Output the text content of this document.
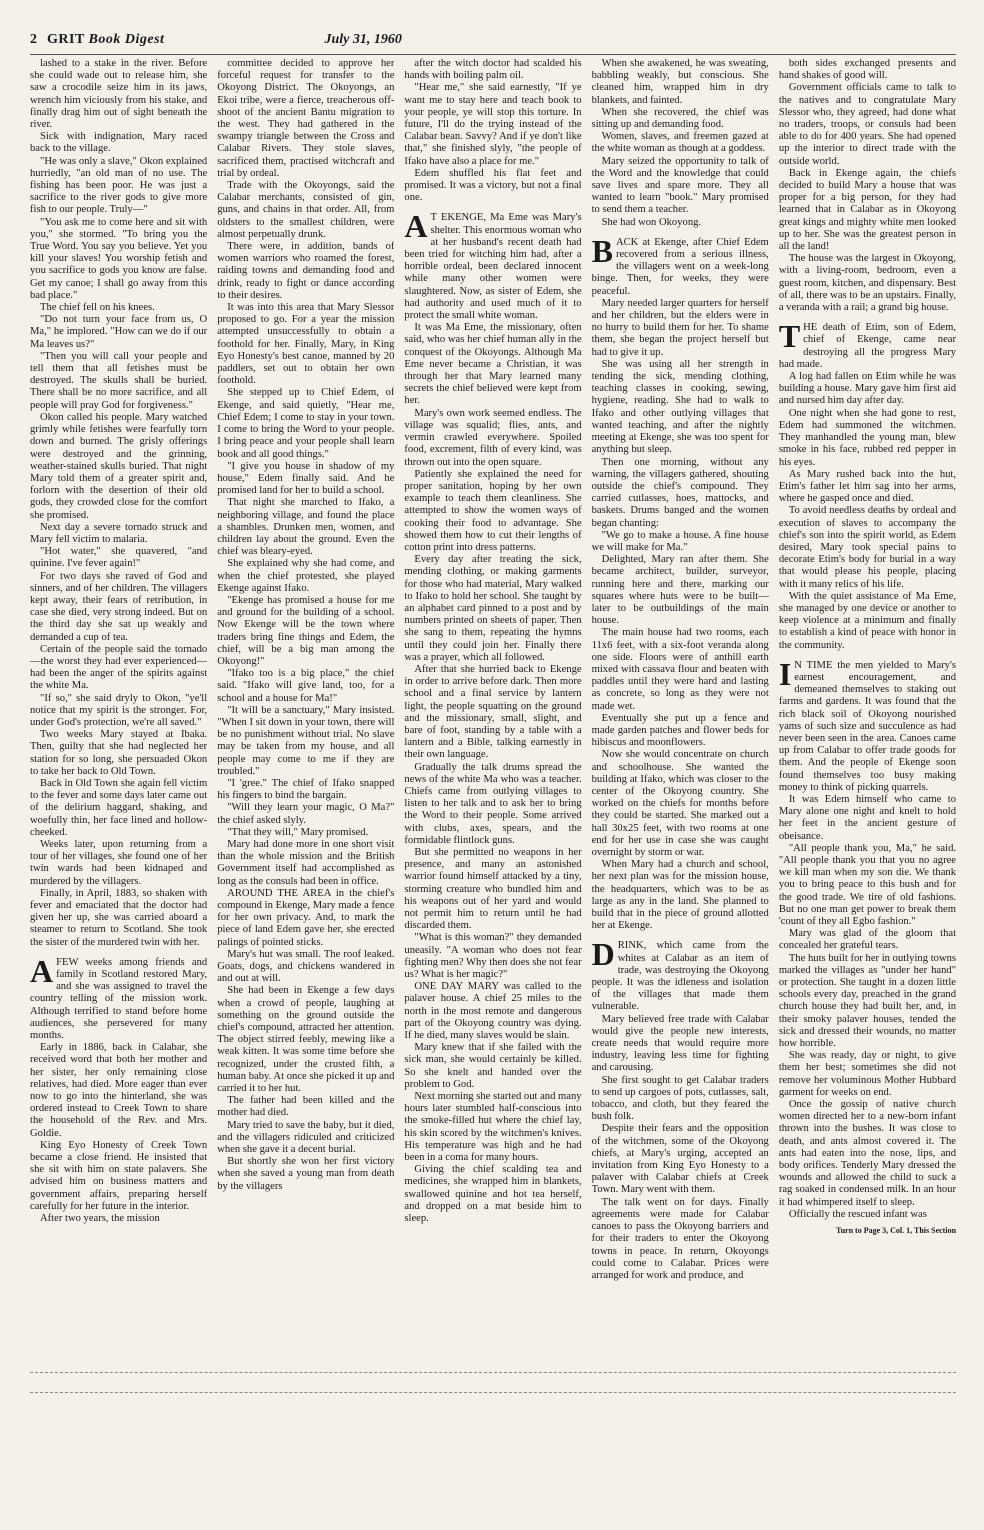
2 GRIT Book Digest	July 31, 1960

lashed to a stake in the river. Before she could wade out to release him, she saw a crocodile seize him in its jaws, wrench him viciously from his stake, and finally drag him out of sight beneath the river.

Sick with indignation, Mary raced back to the village.

"He was only a slave," Okon explained hurriedly, "an old man of no use. The fishing has been poor. He was just a sacrifice to the river gods to give more fish to our people. Truly—"

"You ask me to come here and sit with you," she stormed. "To bring you the True Word. You say you believe. Yet you kill your slaves! You worship fetish and you sacrifice to gods you know are false. Get my canoe; I shall go away from this bad place."

The chief fell on his knees.

"Do not turn your face from us, O Ma," he implored. "How can we do if our Ma leaves us?"

"Then you will call your people and tell them that all fetishes must be destroyed. The skulls shall be buried. There shall be no more sacrifice, and all people will pray God for forgiveness."

Okon called his people. Mary watched grimly while fetishes were fearfully torn down and burned. The grisly offerings were destroyed and the grinning, weather-stained skulls buried. That night Mary told them of a greater spirit and, forlorn with the desertion of their old gods, they crowded close for the comfort she promised.

Next day a severe tornado struck and Mary fell victim to malaria.

"Hot water," she quavered, "and quinine. I've fever again!"

For two days she raved of God and sinners, and of her children. The villagers kept away, their fears of retribution, in case she died, very strong indeed. But on the third day she sat up weakly and demanded a cup of tea.

Certain of the people said the tornado—the worst they had ever experienced—had been the anger of the spirits against the white Ma.

"If so," she said dryly to Okon, "ye'll notice that my spirit is the stronger. For, under God's protection, we're all saved."

Two weeks Mary stayed at Ibaka. Then, guilty that she had neglected her station for so long, she persuaded Okon to take her back to Old Town.

Back in Old Town she again fell victim to the fever and some days later came out of the delirium haggard, shaking, and woefully thin, her face lined and hollow-cheeked.

Weeks later, upon returning from a tour of her villages, she found one of her twin wards had been kidnaped and murdered by the villagers.

Finally, in April, 1883, so shaken with fever and emaciated that the doctor had given her up, she was carried aboard a steamer to return to Scotland. She took the sister of the murdered twin with her.

AFEW weeks among friends and family in Scotland restored Mary, and she was assigned to travel the country telling of the mission work. Although terrified to stand before home audiences, she persevered for many months.

Early in 1886, back in Calabar, she received word that both her mother and her sister, her only remaining close relatives, had died. More eager than ever now to go into the hinterland, she was ordered instead to Creek Town to share the household of the Rev. and Mrs. Goldie.

King Eyo Honesty of Creek Town became a close friend. He insisted that she sit with him on state palavers. She advised him on business matters and government affairs, preparing herself carefully for her future in the interior.

After two years, the mission

committee decided to approve her forceful request for transfer to the Okoyong District. The Okoyongs, an Ekoi tribe, were a fierce, treacherous off-shoot of the ancient Bantu migration to the west. They had gathered in the swampy triangle between the Cross and Calabar Rivers. They stole slaves, sacrificed them, practised witchcraft and trial by ordeal.

Trade with the Okoyongs, said the Calabar merchants, consisted of gin, guns, and chains in that order. All, from oldsters to the smallest children, were almost perpetually drunk.

There were, in addition, bands of women warriors who roamed the forest, raiding towns and demanding food and drink, ready to fight or dance according to their desires.

It was into this area that Mary Slessor proposed to go. For a year the mission attempted unsuccessfully to obtain a foothold for her. Finally, Mary, in King Eyo Honesty's best canoe, manned by 20 paddlers, set out to obtain her own foothold.

She stepped up to Chief Edem, of Ekenge, and said quietly, "Hear me, Chief Edem; I come to stay in your town. I come to bring the Word to your people. I bring peace and your people shall learn book and all good things."

"I give you house in shadow of my house," Edem finally said. And he promised land for her to build a school.

That night she marched to Ifako, a neighboring village, and found the place a shambles. Drunken men, women, and children lay about the ground. Even the chief was bleary-eyed.

She explained why she had come, and when the chief protested, she played Ekenge against Ifako.

"Ekenge has promised a house for me and ground for the building of a school. Now Ekenge will be the town where traders bring fine things and Edem, the chief, will be a big man among the Okoyong!"

"Ifako too is a big place," the chief said. "Ifako will give land, too, for a school and a house for Ma!"

"It will be a sanctuary," Mary insisted. "When I sit down in your town, there will be no punishment without trial. No slave may be taken from my house, and all people may come to me if they are troubled."

"I 'gree." The chief of Ifako snapped his fingers to bind the bargain.

"Will they learn your magic, O Ma?" the chief asked slyly.

"That they will," Mary promised.

Mary had done more in one short visit than the whole mission and the British Government itself had accomplished as long as the consuls had been in office.

AROUND THE AREA in the chief's compound in Ekenge, Mary made a fence for her own privacy. And, to mark the piece of land Edem gave her, she erected palings of pointed sticks.

Mary's hut was small. The roof leaked. Goats, dogs, and chickens wandered in and out at will.

She had been in Ekenge a few days when a crowd of people, laughing at something on the ground outside the chief's compound, attracted her attention. The object stirred feebly, mewing like a weak kitten. It was some time before she recognized, under the crusted filth, a human baby. At once she picked it up and carried it to her hut.

The father had been killed and the mother had died.

Mary tried to save the baby, but it died, and the villagers ridiculed and criticized when she gave it a decent burial.

But shortly she won her first victory when she saved a young man from death by the villagers

after the witch doctor had scalded his hands with boiling palm oil.

"Hear me," she said earnestly, "If ye want me to stay here and teach book to your people, ye will stop this torture. In future, I'll do the trying instead of the Calabar bean. Savvy? And if ye don't like that," she finished slyly, "the people of Ifako have also a place for me."

Edem shuffled his flat feet and promised. It was a victory, but not a final one.

AT EKENGE, Ma Eme was Mary's shelter. This enormous woman who at her husband's recent death had been tried for witching him had, after a horrible ordeal, been declared innocent while many other women were slaughtered. Now, as sister of Edem, she had authority and used much of it to protect the small white woman.

It was Ma Eme, the missionary, often said, who was her chief human ally in the conquest of the Okoyongs. Although Ma Eme never became a Christian, it was through her that Mary learned many secrets the chief believed were kept from her.

Mary's own work seemed endless. The village was squalid; flies, ants, and vermin crawled everywhere. Spoiled food, excrement, filth of every kind, was thrown out into the open square.

Patiently she explained the need for proper sanitation, hoping by her own example to teach them cleanliness. She attempted to show the women ways of cooking their food to advantage. She showed them how to cut their lengths of cotton print into dress patterns.

Every day after treating the sick, mending clothing, or making garments for those who had material, Mary walked to Ifako to hold her school. She taught by an alphabet card pinned to a post and by numbers printed on sheets of paper. Then she sang to them, repeating the hymns until they could join her. Finally there was a prayer, which all followed.

After that she hurried back to Ekenge in order to arrive before dark. Then more school and a final service by lantern light, the people squatting on the ground and the missionary, small, slight, and bare of foot, standing by a table with a lantern and a Bible, talking earnestly in their own language.

Gradually the talk drums spread the news of the white Ma who was a teacher. Chiefs came from outlying villages to listen to her talk and to ask her to bring the Word to their people. Some arrived with clubs, axes, spears, and the formidable flintlock guns.

But she permitted no weapons in her presence, and many an astonished warrior found himself attacked by a tiny, storming creature who bundled him and his weapons out of her yard and would not permit him to return until he had discarded them.

"What is this woman?" they demanded uneasily. "A woman who does not fear fighting men? Why then does she not fear us? What is her magic?"

ONE DAY MARY was called to the palaver house. A chief 25 miles to the north in the most remote and dangerous part of the Okoyong country was dying. If he died, many slaves would be slain.

Mary knew that if she failed with the sick man, she would certainly be killed. So she knelt and handed over the problem to God.

Next morning she started out and many hours later stumbled half-conscious into the smoke-filled hut where the chief lay, his skin scored by the witchmen's knives. His temperature was high and he had been in a coma for many hours.

Giving the chief scalding tea and medicines, she wrapped him in blankets, swallowed quinine and hot tea herself, and dropped on a mat beside him to sleep.

When she awakened, he was sweating, babbling weakly, but conscious. She cleaned him, wrapped him in dry blankets, and fainted.

When she recovered, the chief was sitting up and demanding food.

Women, slaves, and freemen gazed at the white woman as though at a goddess.

Mary seized the opportunity to talk of the Word and the knowledge that could save lives and spare more. They all wanted to learn "book." Mary promised to send them a teacher.

She had won Okoyong.

BACK at Ekenge, after Chief Edem recovered from a serious illness, the villagers went on a week-long binge. Then, for weeks, they were peaceful.

Mary needed larger quarters for herself and her children, but the elders were in no hurry to build them for her. To shame them, she began the project herself but had to give it up.

She was using all her strength in tending the sick, mending clothing, teaching classes in cooking, sewing, hygiene, reading. She had to walk to Ifako and other outlying villages that wanted teaching, and after the nightly meeting at Ekenge, she was too spent for anything but sleep.

Then one morning, without any warning, the villagers gathered, shouting outside the chief's compound. They carried cutlasses, hoes, mattocks, and baskets. Drums banged and the women began chanting:

"We go to make a house. A fine house we will make for Ma."

Delighted, Mary ran after them. She became architect, builder, surveyor, running here and there, marking our squares where huts were to be built—later to be outbuildings of the main house.

The main house had two rooms, each 11x6 feet, with a six-foot veranda along one side. Floors were of anthill earth mixed with cassava flour and beaten with paddles until they were hard and lasting as concrete, so long as they were not made wet.

Eventually she put up a fence and made garden patches and flower beds for hibiscus and moonflowers.

Now she would concentrate on church and schoolhouse. She wanted the building at Ifako, which was closer to the center of the Okoyong country. She worked on the chiefs for months before they could be started. She marked out a hall 30x25 feet, with two rooms at one end for her use in case she was caught overnight by storm or war.

When Mary had a church and school, her next plan was for the mission house, the headquarters, which was to be as large as any in the land. She planned to build that in the piece of ground allotted her at Ekenge.

DRINK, which came from the whites at Calabar as an item of trade, was destroying the Okoyong people. It was the idleness and isolation of the villages that made them vulnerable.

Mary believed free trade with Calabar would give the people new interests, create needs that would require more industry, leaving less time for fighting and carousing.

She first sought to get Calabar traders to send up cargoes of pots, cutlasses, salt, tobacco, and cloth, but they feared the bush folk.

Despite their fears and the opposition of the witchmen, some of the Okoyong chiefs, at Mary's urging, accepted an invitation from King Eyo Honesty to a palaver with Calabar chiefs at Creek Town. Mary went with them.

The talk went on for days. Finally agreements were made for Calabar canoes to pass the Okoyong barriers and for their traders to enter the Okoyong towns in peace. In return, Okoyongs could come to Calabar. Prices were arranged for work and produce, and

both sides exchanged presents and hand shakes of good will.

Government officials came to talk to the natives and to congratulate Mary Slessor who, they agreed, had done what no traders, troops, or consuls had been able to do for 400 years. She had opened up the interior to direct trade with the outside world.

Back in Ekenge again, the chiefs decided to build Mary a house that was proper for a big person, for they had learned that in Calabar as in Okoyong great kings and mighty white men looked up to her. She was the greatest person in all the land!

The house was the largest in Okoyong, with a living-room, bedroom, even a guest room, kitchen, and dispensary. Best of all, there was to be an upstairs. Finally, a veranda with a rail; a grand big house.

THE death of Etim, son of Edem, chief of Ekenge, came near destroying all the progress Mary had made.

A log had fallen on Etim while he was building a house. Mary gave him first aid and nursed him day after day.

One night when she had gone to rest, Edem had summoned the witchmen. They manhandled the young man, blew smoke in his face, rubbed red pepper in his eyes.

As Mary rushed back into the hut, Etim's father let him sag into her arms, where he gasped once and died.

To avoid needless deaths by ordeal and execution of slaves to accompany the chief's son into the spirit world, as Edem desired, Mary took special pains to decorate Etim's body for burial in a way that would please his people, placing with it many relics of his life.

With the quiet assistance of Ma Eme, she managed by one device or another to keep violence at a minimum and finally to establish a kind of peace with honor in the community.

IN TIME the men yielded to Mary's earnest encouragement, and demeaned themselves to staking out farms and gardens. It was found that the rich black soil of Okoyong nourished yams of such size and succulence as had never been seen in the area. Canoes came up from Calabar to offer trade goods for them. And the people of Ekenge soon found themselves too busy making money to think of picking quarrels.

It was Edem himself who came to Mary alone one night and knelt to hold her feet in the ancient gesture of obeisance.

"All people thank you, Ma," he said. "All people thank you that you no agree we kill man when my son die. We thank you to bring peace to this bush and for the good trade. We tire of old fashions. But no one man get power to break them 'count of they all Egbo fashion."

Mary was glad of the gloom that concealed her grateful tears.

The huts built for her in outlying towns marked the villages as "under her hand" or protection. She taught in a dozen little schools every day, preached in the grand church house they had built her, and, in their smoky palaver houses, tended the sick and dressed their wounds, no matter how horrible.

She was ready, day or night, to give them her best; sometimes she did not remove her voluminous Mother Hubbard garment for weeks on end.

Once the gossip of native church women directed her to a new-born infant thrown into the bushes. It was close to death, and ants almost covered it. The ants had eaten into the nose, lips, and body orifices. Tenderly Mary dressed the wounds and allowed the child to suck a rag soaked in condensed milk. In an hour it had whimpered itself to sleep.

Officially the rescued infant was

Turn to Page 3, Col. 1, This Section
